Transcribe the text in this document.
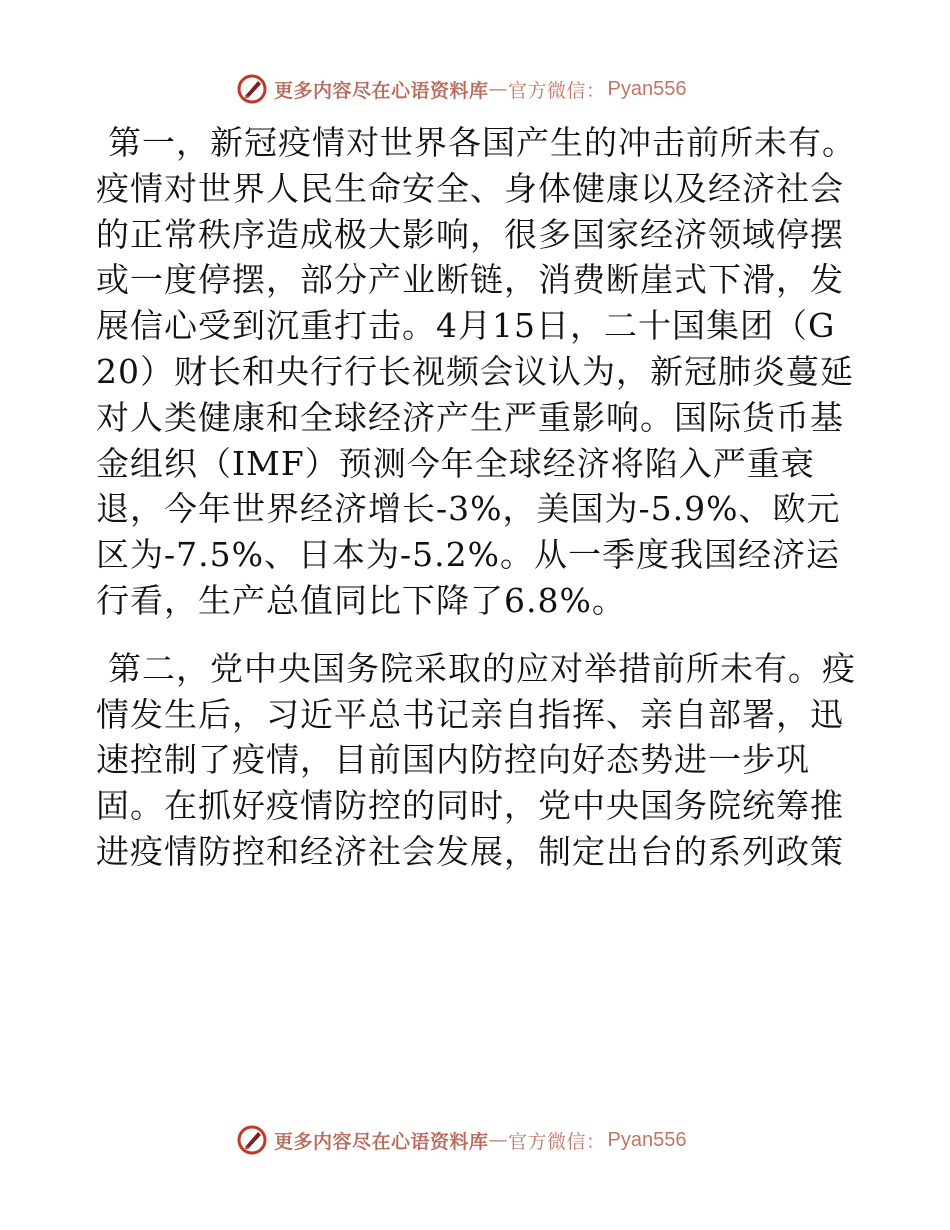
更多内容尽在心语资料库 — 官方微信： Pyan556

第一，新冠疫情对世界各国产生的冲击前所未有。疫情对世界人民生命安全、身体健康以及经济社会的正常秩序造成极大影响，很多国家经济领域停摆或一度停摆，部分产业断链，消费断崖式下滑，发展信心受到沉重打击。4月15日，二十国集团（G20）财长和央行行长视频会议认为，新冠肺炎蔓延对人类健康和全球经济产生严重影响。国际货币基金组织（IMF）预测今年全球经济将陷入严重衰退，今年世界经济增长-3%，美国为-5.9%、欧元区为-7.5%、日本为-5.2%。从一季度我国经济运行看，生产总值同比下降了6.8%。

第二，党中央国务院采取的应对举措前所未有。疫情发生后，习近平总书记亲自指挥、亲自部署，迅速控制了疫情，目前国内防控向好态势进一步巩固。在抓好疫情防控的同时，党中央国务院统筹推进疫情防控和经济社会发展，制定出台的系列政策

更多内容尽在心语资料库 — 官方微信： Pyan556
